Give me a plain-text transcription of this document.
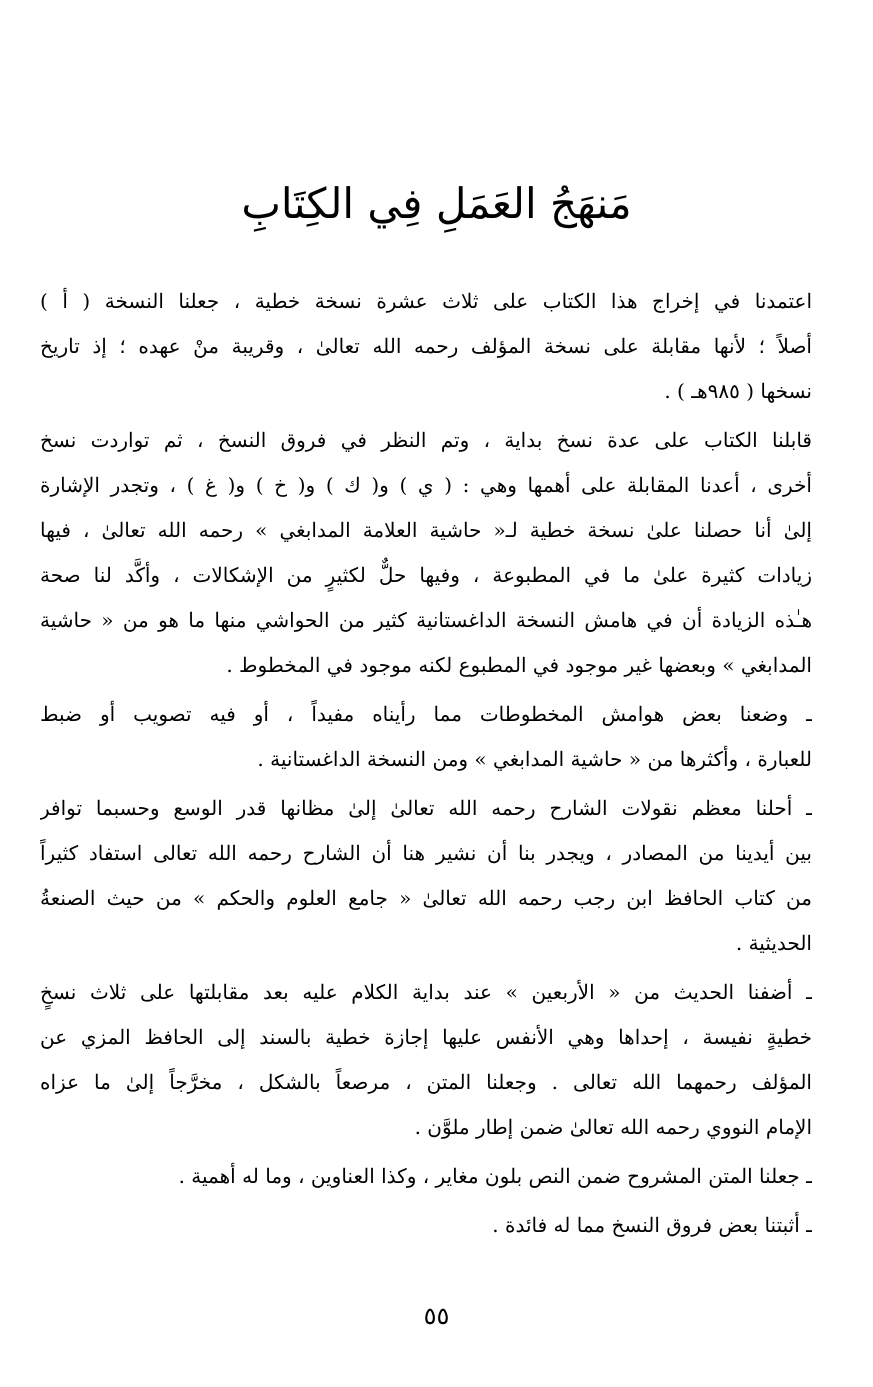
مَنهَجُ العَمَلِ فِي الكِتَابِ
اعتمدنا في إخراج هذا الكتاب على ثلاث عشرة نسخة خطية ، جعلنا النسخة ( أ )
أصلاً ؛ لأنها مقابلة على نسخة المؤلف رحمه الله تعالىٰ ، وقريبة منْ عهده ؛ إذ تاريخ
نسخها ( ٩٨٥هـ ) .
قابلنا الكتاب على عدة نسخ بداية ، وتم النظر في فروق النسخ ، ثم تواردت نسخ
أخرى ، أعدنا المقابلة على أهمها وهي : ( ي ) و( ك ) و( خ ) و( غ ) ، وتجدر الإشارة
إلىٰ أنا حصلنا علىٰ نسخة خطية لـ« حاشية العلامة المدابغي » رحمه الله تعالىٰ ، فيها
زيادات كثيرة علىٰ ما في المطبوعة ، وفيها حلٌّ لكثيرٍ من الإشكالات ، وأكَّد لنا صحة
هـٰذه الزيادة أن في هامش النسخة الداغستانية كثير من الحواشي منها ما هو من « حاشية
المدابغي » وبعضها غير موجود في المطبوع لكنه موجود في المخطوط .
ـ وضعنا بعض هوامش المخطوطات مما رأيناه مفيداً ، أو فيه تصويب أو ضبط
للعبارة ، وأكثرها من « حاشية المدابغي » ومن النسخة الداغستانية .
ـ أحلنا معظم نقولات الشارح رحمه الله تعالىٰ إلىٰ مظانها قدر الوسع وحسبما توافر
بين أيدينا من المصادر ، ويجدر بنا أن نشير هنا أن الشارح رحمه الله تعالى استفاد كثيراً
من كتاب الحافظ ابن رجب رحمه الله تعالىٰ « جامع العلوم والحكم » من حيث الصنعةُ
الحديثية .
ـ أضفنا الحديث من « الأربعين » عند بداية الكلام عليه بعد مقابلتها على ثلاث نسخٍ
خطيةٍ نفيسة ، إحداها وهي الأنفس عليها إجازة خطية بالسند إلى الحافظ المزي عن
المؤلف رحمهما الله تعالى . وجعلنا المتن ، مرصعاً بالشكل ، مخرَّجاً إلىٰ ما عزاه
الإمام النووي رحمه الله تعالىٰ ضمن إطار ملوَّن .
ـ جعلنا المتن المشروح ضمن النص بلون مغاير ، وكذا العناوين ، وما له أهمية .
ـ أثبتنا بعض فروق النسخ مما له فائدة .
٥٥
